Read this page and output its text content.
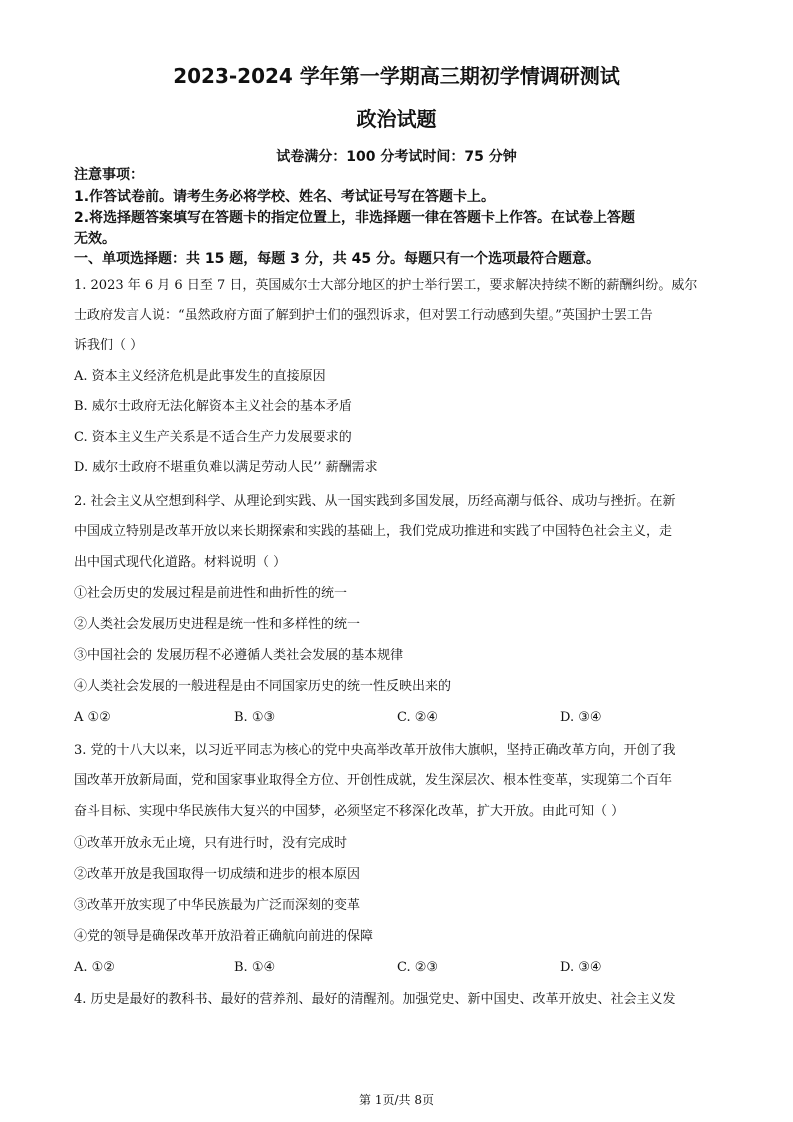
2023-2024 学年第一学期高三期初学情调研测试
政治试题
试卷满分：100 分考试时间：75 分钟
注意事项：
1.作答试卷前。请考生务必将学校、姓名、考试证号写在答题卡上。
2.将选择题答案填写在答题卡的指定位置上，非选择题一律在答题卡上作答。在试卷上答题
无效。
一、单项选择题：共 15 题，每题 3 分，共 45 分。每题只有一个选项最符合题意。
1. 2023 年 6 月 6 日至 7 日，英国威尔士大部分地区的护士举行罢工，要求解决持续不断的薪酬纠纷。威尔
士政府发言人说：“虽然政府方面了解到护士们的强烈诉求，但对罢工行动感到失望。”英国护士罢工告
诉我们（ ）
A. 资本主义经济危机是此事发生的直接原因
B. 威尔士政府无法化解资本主义社会的基本矛盾
C. 资本主义生产关系是不适合生产力发展要求的
D. 威尔士政府不堪重负难以满足劳动人民’’ 薪酬需求
2. 社会主义从空想到科学、从理论到实践、从一国实践到多国发展，历经高潮与低谷、成功与挫折。在新
中国成立特别是改革开放以来长期探索和实践的基础上，我们党成功推进和实践了中国特色社会主义，走
出中国式现代化道路。材料说明（ ）
①社会历史的发展过程是前进性和曲折性的统一
②人类社会发展历史进程是统一性和多样性的统一
③中国社会的 发展历程不必遵循人类社会发展的基本规律
④人类社会发展的一般进程是由不同国家历史的统一性反映出来的
A ①②	B. ①③	C. ②④	D. ③④
3. 党的十八大以来，以习近平同志为核心的党中央高举改革开放伟大旗帜，坚持正确改革方向，开创了我
国改革开放新局面，党和国家事业取得全方位、开创性成就，发生深层次、根本性变革，实现第二个百年
奋斗目标、实现中华民族伟大复兴的中国梦，必须坚定不移深化改革，扩大开放。由此可知（ ）
①改革开放永无止境，只有进行时，没有完成时
②改革开放是我国取得一切成绩和进步的根本原因
③改革开放实现了中华民族最为广泛而深刻的变革
④党的领导是确保改革开放沿着正确航向前进的保障
A. ①②	B. ①④	C. ②③	D. ③④
4. 历史是最好的教科书、最好的营养剂、最好的清醒剂。加强党史、新中国史、改革开放史、社会主义发
第 1页/共 8页
